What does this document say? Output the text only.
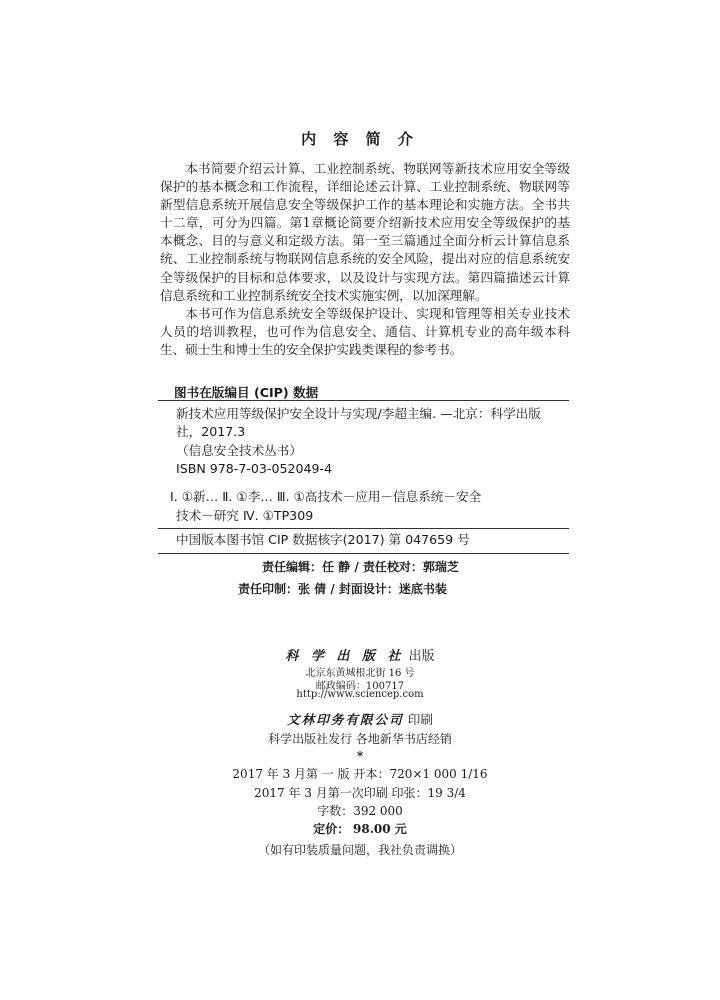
内 容 简 介

本书简要介绍云计算、工业控制系统、物联网等新技术应用安全等级保护的基本概念和工作流程，详细论述云计算、工业控制系统、物联网等新型信息系统开展信息安全等级保护工作的基本理论和实施方法。全书共十二章，可分为四篇。第1章概论简要介绍新技术应用安全等级保护的基本概念、目的与意义和定级方法。第一至三篇通过全面分析云计算信息系统、工业控制系统与物联网信息系统的安全风险，提出对应的信息系统安全等级保护的目标和总体要求，以及设计与实现方法。第四篇描述云计算信息系统和工业控制系统安全技术实施实例，以加深理解。

本书可作为信息系统安全等级保护设计、实现和管理等相关专业技术人员的培训教程，也可作为信息安全、通信、计算机专业的高年级本科生、硕士生和博士生的安全保护实践类课程的参考书。

图书在版编目 (CIP) 数据
新技术应用等级保护安全设计与实现/李超主编. —北京：科学出版
社，2017.3
（信息安全技术丛书）
ISBN 978-7-03-052049-4
Ⅰ. ①新… Ⅱ. ①李… Ⅲ. ①高技术－应用－信息系统－安全
技术－研究 Ⅳ. ①TP309
中国版本图书馆 CIP 数据核字(2017) 第 047659 号
责任编辑：任 静 / 责任校对：郭瑞芝
责任印制：张 倩 / 封面设计：迷底书装
科 学 出 版 社 出版
北京东黄城根北街 16 号
邮政编码：100717
http://www.sciencep.com
文林印务有限公司 印刷
科学出版社发行 各地新华书店经销
*
2017 年 3 月第 一 版 开本：720×1 000 1/16
2017 年 3 月第一次印刷 印张：19 3/4
字数：392 000
定价： 98.00 元
（如有印装质量问题，我社负责调换）
